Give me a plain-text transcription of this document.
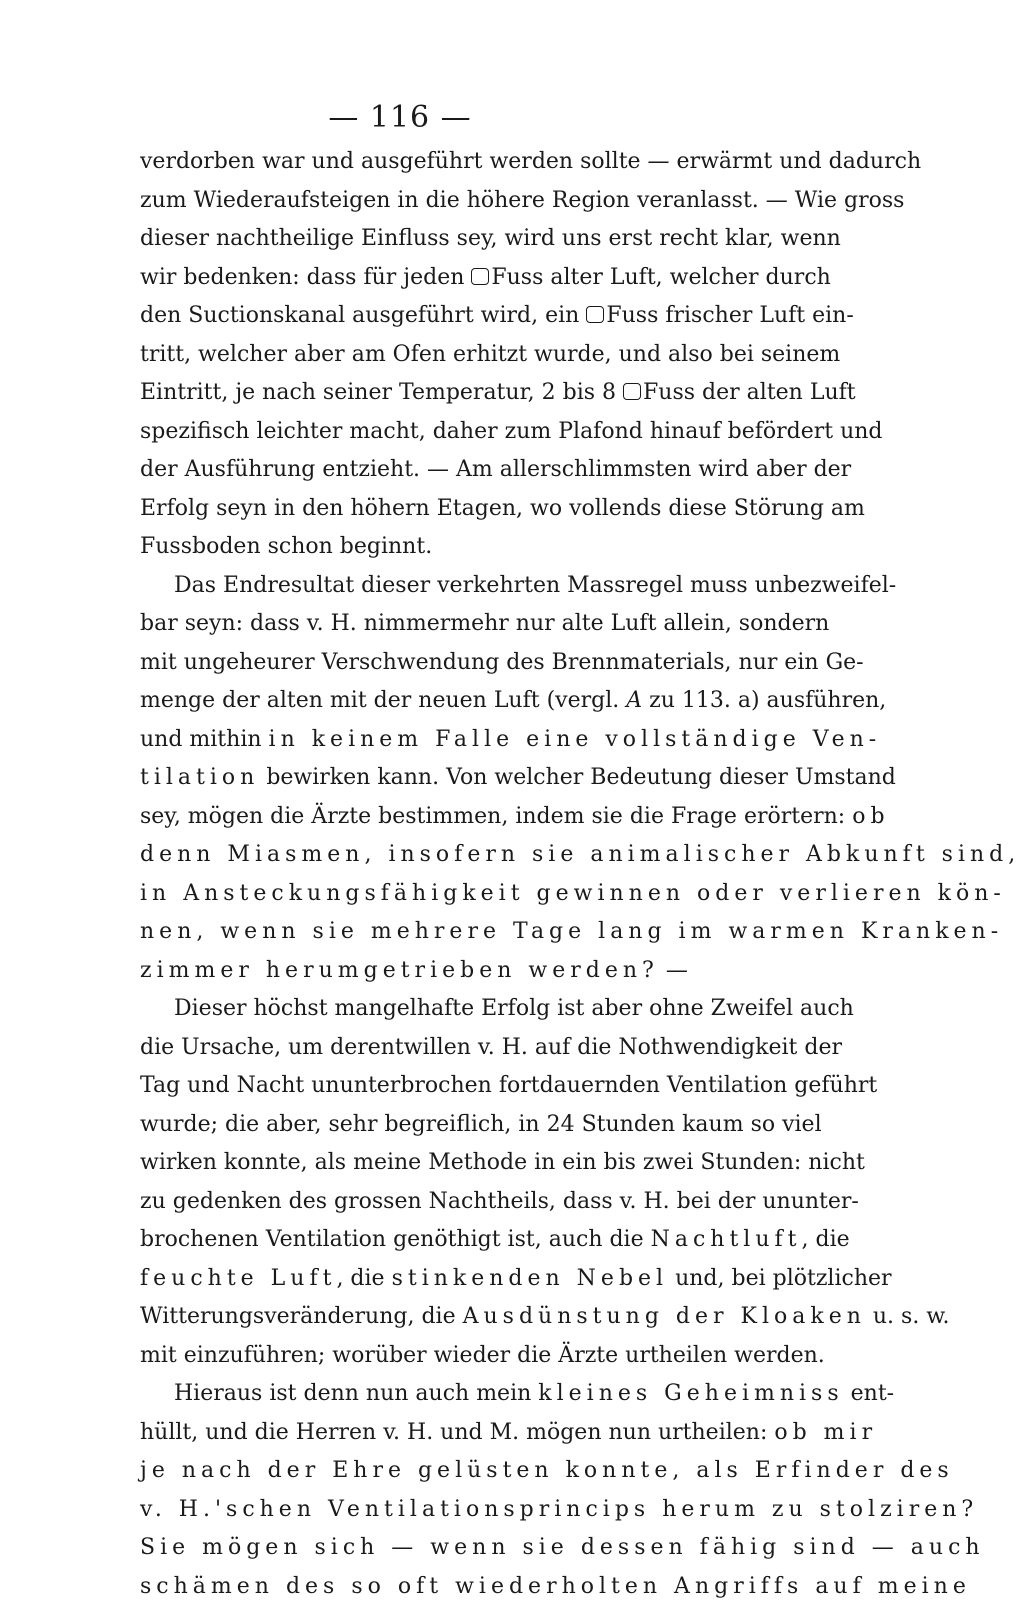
— 116 —
verdorben war und ausgeführt werden sollte — erwärmt und dadurch
zum Wiederaufsteigen in die höhere Region veranlasst. — Wie gross
dieser nachtheilige Einfluss sey, wird uns erst recht klar, wenn
wir bedenken: dass für jeden Fuss alter Luft, welcher durch
den Suctionskanal ausgeführt wird, ein Fuss frischer Luft ein-
tritt, welcher aber am Ofen erhitzt wurde, und also bei seinem
Eintritt, je nach seiner Temperatur, 2 bis 8 Fuss der alten Luft
spezifisch leichter macht, daher zum Plafond hinauf befördert und
der Ausführung entzieht. — Am allerschlimmsten wird aber der
Erfolg seyn in den höhern Etagen, wo vollends diese Störung am
Fussboden schon beginnt.
Das Endresultat dieser verkehrten Massregel muss unbezweifel-
bar seyn: dass v. H. nimmermehr nur alte Luft allein, sondern
mit ungeheurer Verschwendung des Brennmaterials, nur ein Ge-
menge der alten mit der neuen Luft (vergl. A zu 113. a) ausführen,
und mithin in keinem Falle eine vollständige Ven-
tilation bewirken kann. Von welcher Bedeutung dieser Umstand
sey, mögen die Ärzte bestimmen, indem sie die Frage erörtern: ob
denn Miasmen, insofern sie animalischer Abkunft sind,
in Ansteckungsfähigkeit gewinnen oder verlieren kön-
nen, wenn sie mehrere Tage lang im warmen Kranken-
zimmer herumgetrieben werden? —
Dieser höchst mangelhafte Erfolg ist aber ohne Zweifel auch
die Ursache, um derentwillen v. H. auf die Nothwendigkeit der
Tag und Nacht ununterbrochen fortdauernden Ventilation geführt
wurde; die aber, sehr begreiflich, in 24 Stunden kaum so viel
wirken konnte, als meine Methode in ein bis zwei Stunden: nicht
zu gedenken des grossen Nachtheils, dass v. H. bei der ununter-
brochenen Ventilation genöthigt ist, auch die Nachtluft, die
feuchte Luft, die stinkenden Nebel und, bei plötzlicher
Witterungsveränderung, die Ausdünstung der Kloaken u. s. w.
mit einzuführen; worüber wieder die Ärzte urtheilen werden.
Hieraus ist denn nun auch mein kleines Geheimniss ent-
hüllt, und die Herren v. H. und M. mögen nun urtheilen: ob mir
je nach der Ehre gelüsten konnte, als Erfinder des
v. H.'schen Ventilationsprincips herum zu stolziren?
Sie mögen sich — wenn sie dessen fähig sind — auch
schämen des so oft wiederholten Angriffs auf meine
